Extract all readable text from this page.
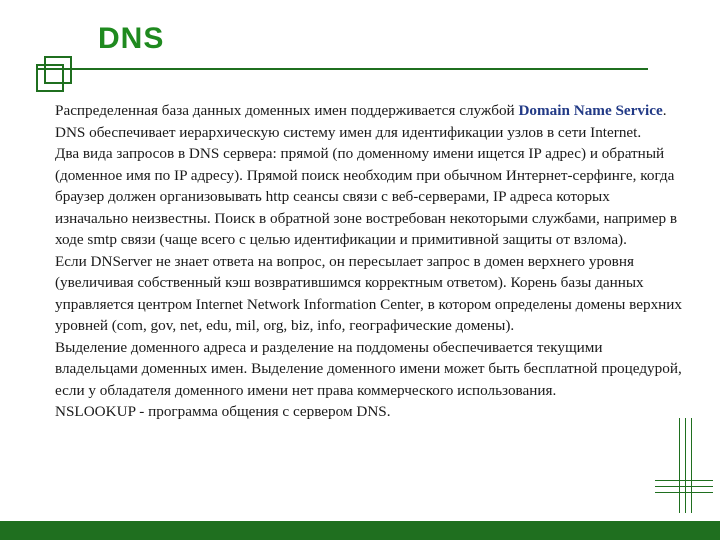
DNS

Распределенная база данных доменных имен поддерживается службой Domain Name Service. DNS обеспечивает иерархическую систему имен для идентификации узлов в сети Internet.

Два вида запросов в DNS сервера: прямой (по доменному имени ищется IP адрес) и обратный (доменное имя по IP адресу). Прямой поиск необходим при обычном Интернет-серфинге, когда браузер должен организовывать http сеансы связи с веб-серверами, IP адреса которых изначально неизвестны. Поиск в обратной зоне востребован некоторыми службами, например в ходе smtp связи (чаще всего с целью идентификации и примитивной защиты от взлома).

Если DNServer не знает ответа на вопрос, он пересылает запрос в домен верхнего уровня (увеличивая собственный кэш возвратившимся корректным ответом). Корень базы данных управляется центром Internet Network Information Center, в котором определены домены верхних уровней (com, gov, net, edu, mil, org, biz, info, географические домены).

Выделение доменного адреса и разделение на поддомены обеспечивается текущими владельцами доменных имен. Выделение доменного имени может быть бесплатной процедурой, если у обладателя доменного имени нет права коммерческого использования.

NSLOOKUP - программа общения с сервером DNS.
